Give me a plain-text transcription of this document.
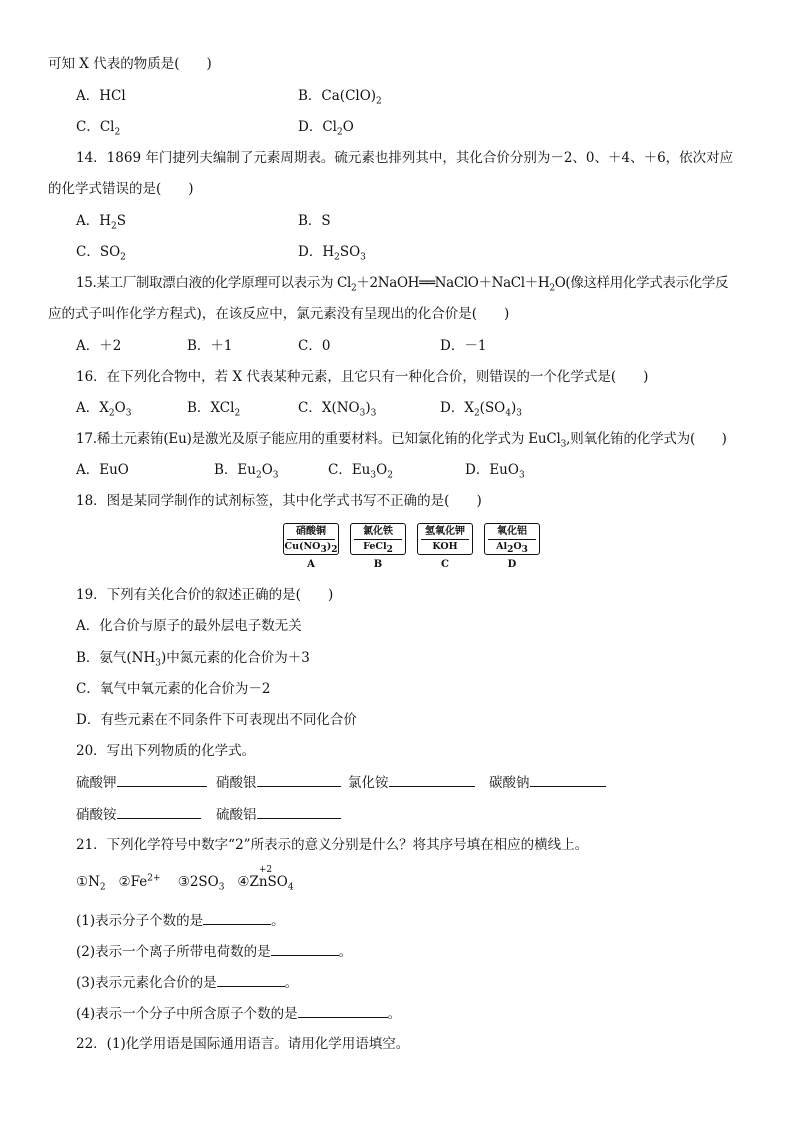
可知 X 代表的物质是(　　)
A．HCl	B．$Ca(ClO)_2$
C．$Cl_2$	D．$Cl_2O$
14．1869 年门捷列夫编制了元素周期表。硫元素也排列其中，其化合价分别为－2、0、＋4、＋6，依次对应
的化学式错误的是(　　)
A．$H_2S$	B．S
C．$SO_2$	D．$H_2SO_3$
15.某工厂制取漂白液的化学原理可以表示为 $Cl_2+2NaOH══NaClO+NaCl+H_2O$(像这样用化学式表示化学反
应的式子叫作化学方程式)，在该反应中，氯元素没有呈现出的化合价是(　　)
A．＋2	B．＋1	C．0	D．－1
16．在下列化合物中，若 X 代表某种元素，且它只有一种化合价，则错误的一个化学式是(　　)
A．$X_2O_3$	B．XCl$_2$	C．$X(NO_3)_3$	D．$X_2(SO_4)_3$
17.稀土元素铕(Eu)是激光及原子能应用的重要材料。已知氯化铕的化学式为 EuCl$_3$,则氧化铕的化学式为(　　)
A．EuO	B．$Eu_2O_3$	C．$Eu_3O_2$	D．EuO$_3$
18．图是某同学制作的试剂标签，其中化学式书写不正确的是(　　)
硝酸铜
$Cu(NO_3)_2$
A
氯化铁
FeCl$_2$
B
氢氧化钾
KOH
C
氧化铝
$Al_2O_3$
D
19．下列有关化合价的叙述正确的是(　　)
A．化合价与原子的最外层电子数无关
B．氨气$(NH_3)$中氮元素的化合价为＋3
C．氧气中氧元素的化合价为－2
D．有些元素在不同条件下可表现出不同化合价
20．写出下列物质的化学式。
硫酸钾	硝酸银	氯化铵	碳酸钠
硝酸铵	硫酸铝
21．下列化学符号中数字“2”所表示的意义分别是什么？将其序号填在相应的横线上。
$①N_2$ $②Fe^{2+}$ $③2SO_3$ ④Z
+2
nSO$_4$
(1)表示分子个数的是	。
(2)表示一个离子所带电荷数的是	。
(3)表示元素化合价的是	。
(4)表示一个分子中所含原子个数的是	。
22．(1)化学用语是国际通用语言。请用化学用语填空。
